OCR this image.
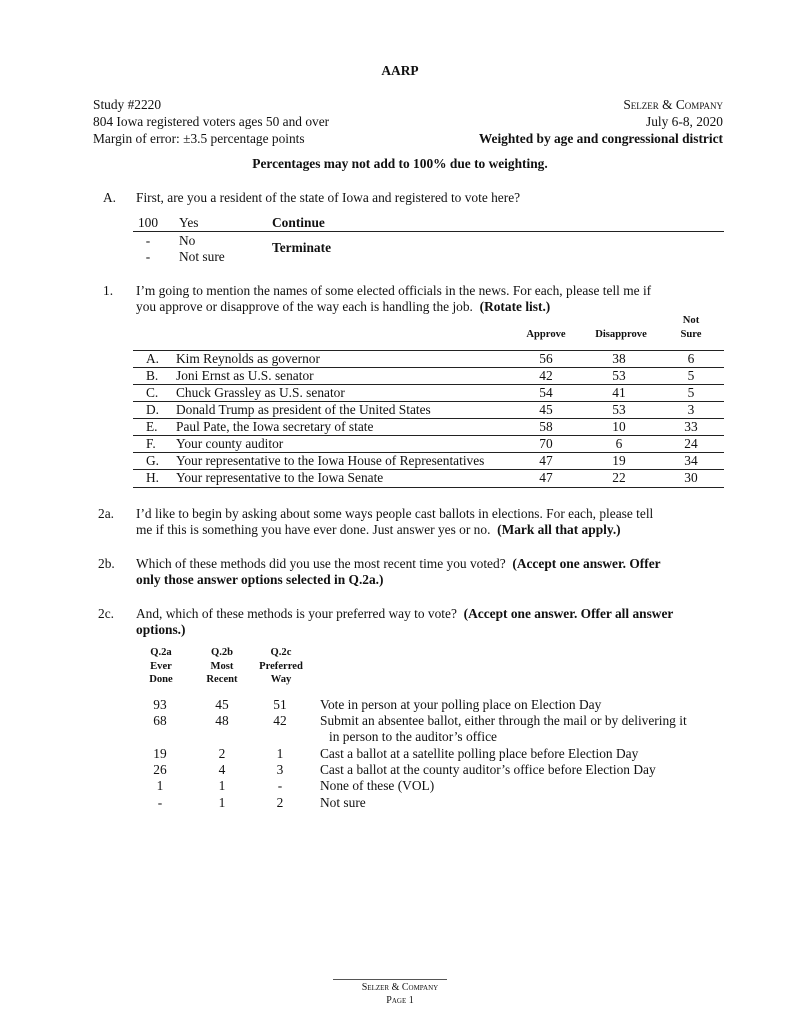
AARP
Study #2220
804 Iowa registered voters ages 50 and over
Margin of error: ±3.5 percentage points
Selzer & Company
July 6-8, 2020
Weighted by age and congressional district
Percentages may not add to 100% due to weighting.
A. First, are you a resident of the state of Iowa and registered to vote here?
100 Yes	Continue
-	No	Terminate
-	Not sure
1. I’m going to mention the names of some elected officials in the news. For each, please tell me if
you approve or disapprove of the way each is handling the job. (Rotate list.)
Approve	Disapprove
Not
Sure
A.	Kim Reynolds as governor	56	38	6
B.	Joni Ernst as U.S. senator	42	53	5
C.	Chuck Grassley as U.S. senator	54	41	5
D.	Donald Trump as president of the United States	45	53	3
E.	Paul Pate, the Iowa secretary of state	58	10	33
F.	Your county auditor	70	6	24
G.	Your representative to the Iowa House of Representatives	47	19	34
H.	Your representative to the Iowa Senate	47	22	30
2a. I’d like to begin by asking about some ways people cast ballots in elections. For each, please tell
me if this is something you have ever done. Just answer yes or no. (Mark all that apply.)
2b. Which of these methods did you use the most recent time you voted? (Accept one answer. Offer
only those answer options selected in Q.2a.)
2c. And, which of these methods is your preferred way to vote? (Accept one answer. Offer all answer
options.)
Q.2a
Ever
Done
Q.2b
Most
Recent
Q.2c
Preferred
Way
93	45	51	Vote in person at your polling place on Election Day
68	48	42	Submit an absentee ballot, either through the mail or by delivering it
in person to the auditor’s office
19	2	1	Cast a ballot at a satellite polling place before Election Day
26	4	3	Cast a ballot at the county auditor’s office before Election Day
1	1	-	None of these (VOL)
-	1	2	Not sure
Selzer & Company
Page 1
